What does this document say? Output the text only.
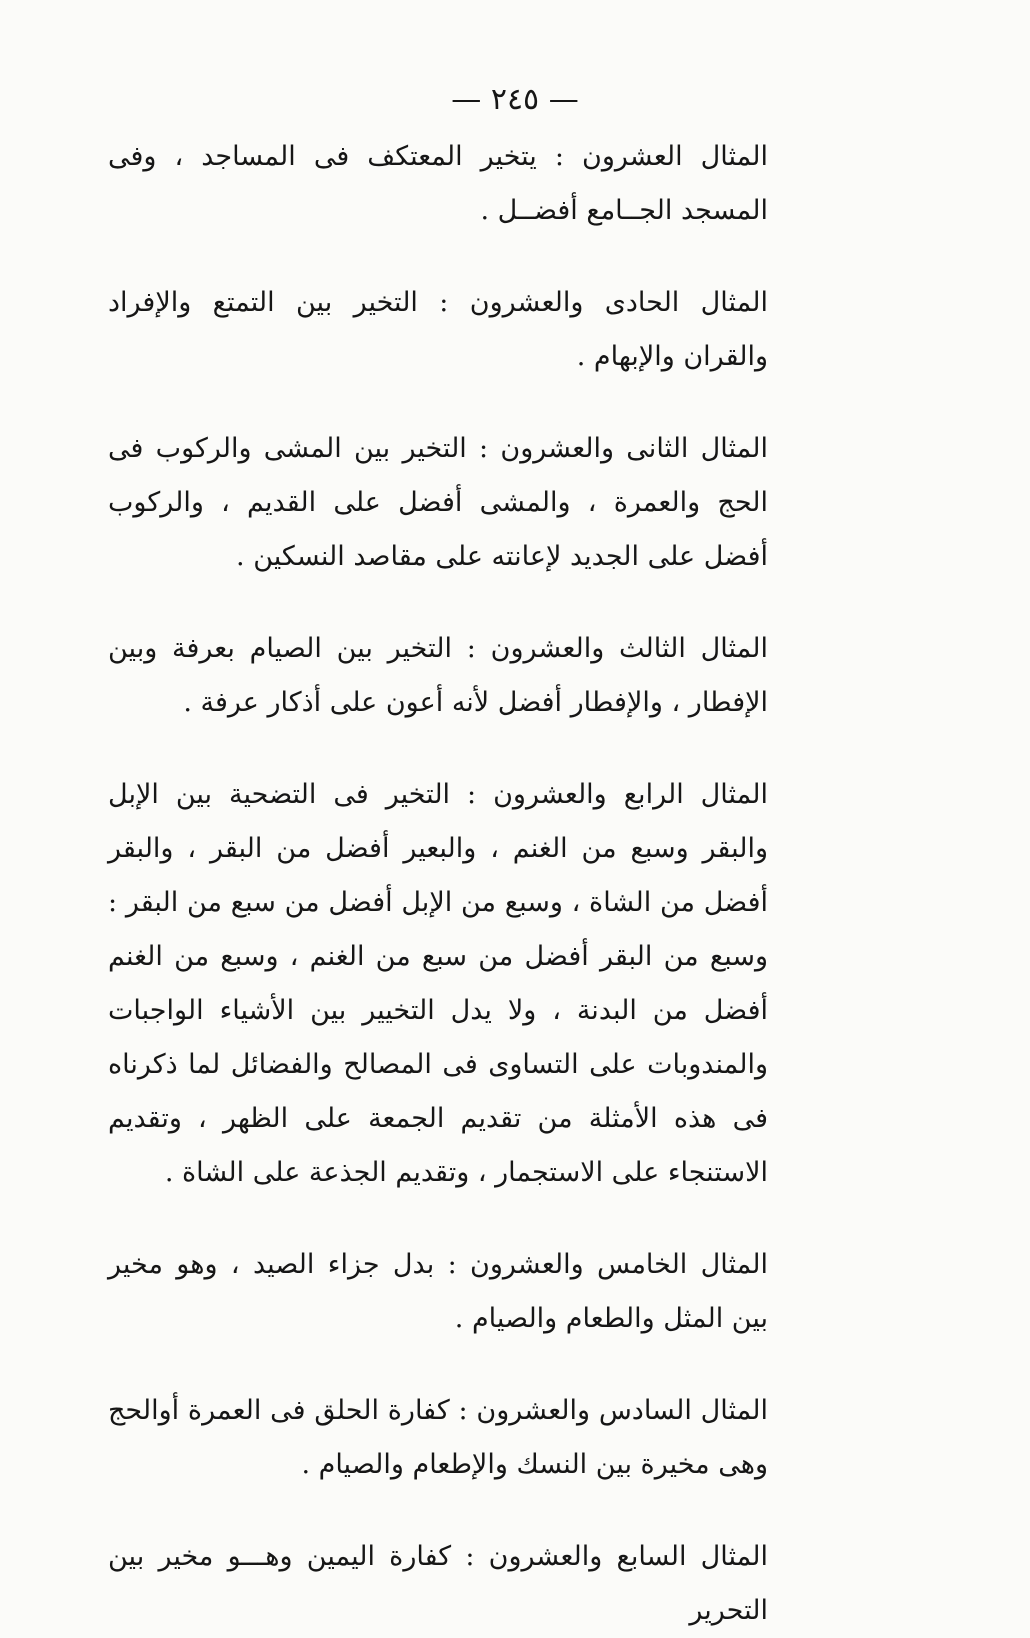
— ٢٤٥ —

المثال العشرون : يتخير المعتكف فى المساجد ، وفى المسجد الجــامع أفضــل .

المثال الحادى والعشرون : التخير بين التمتع والإفراد والقران والإبهام .

المثال الثانى والعشرون : التخير بين المشى والركوب فى الحج والعمرة ، والمشى أفضل على القديم ، والركوب أفضل على الجديد لإعانته على مقاصد النسكين .

المثال الثالث والعشرون : التخير بين الصيام بعرفة وبين الإفطار ، والإفطار أفضل لأنه أعون على أذكار عرفة .

المثال الرابع والعشرون : التخير فى التضحية بين الإبل والبقر وسبع من الغنم ، والبعير أفضل من البقر ، والبقر أفضل من الشاة ، وسبع من الإبل أفضل من سبع من البقر : وسبع من البقر أفضل من سبع من الغنم ، وسبع من الغنم أفضل من البدنة ، ولا يدل التخيير بين الأشياء الواجبات والمندوبات على التساوى فى المصالح والفضائل لما ذكرناه فى هذه الأمثلة من تقديم الجمعة على الظهر ، وتقديم الاستنجاء على الاستجمار ، وتقديم الجذعة على الشاة .

المثال الخامس والعشرون : بدل جزاء الصيد ، وهو مخير بين المثل والطعام والصيام .

المثال السادس والعشرون : كفارة الحلق فى العمرة أوالحج وهى مخيرة بين النسك والإطعام والصيام .

المثال السابع والعشرون : كفارة اليمين وهـــو مخير بين التحرير
